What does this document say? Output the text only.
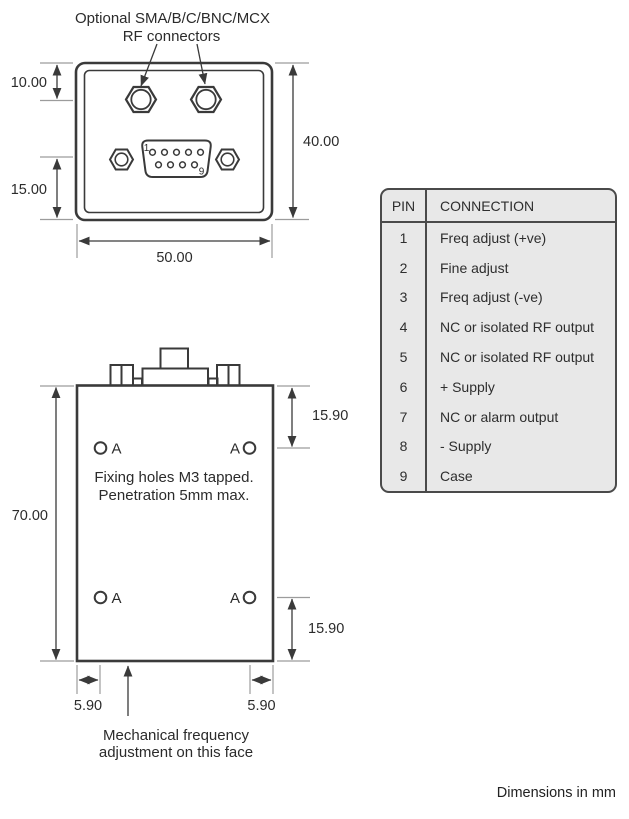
1
9
Optional SMA/B/C/BNC/MCX
RF connectors
10.00
15.00
40.00
50.00
A	A
A	A
Fixing holes M3 tapped.
Penetration 5mm max.
70.00
15.90
15.90
5.90	5.90
Mechanical frequency
adjustment on this face
PIN	CONNECTION
1	Freq adjust (+ve)
2	Fine adjust
3	Freq adjust (-ve)
4	NC or isolated RF output
5	NC or isolated RF output
6	+ Supply
7	NC or alarm output
8	- Supply
9	Case
Dimensions in mm
